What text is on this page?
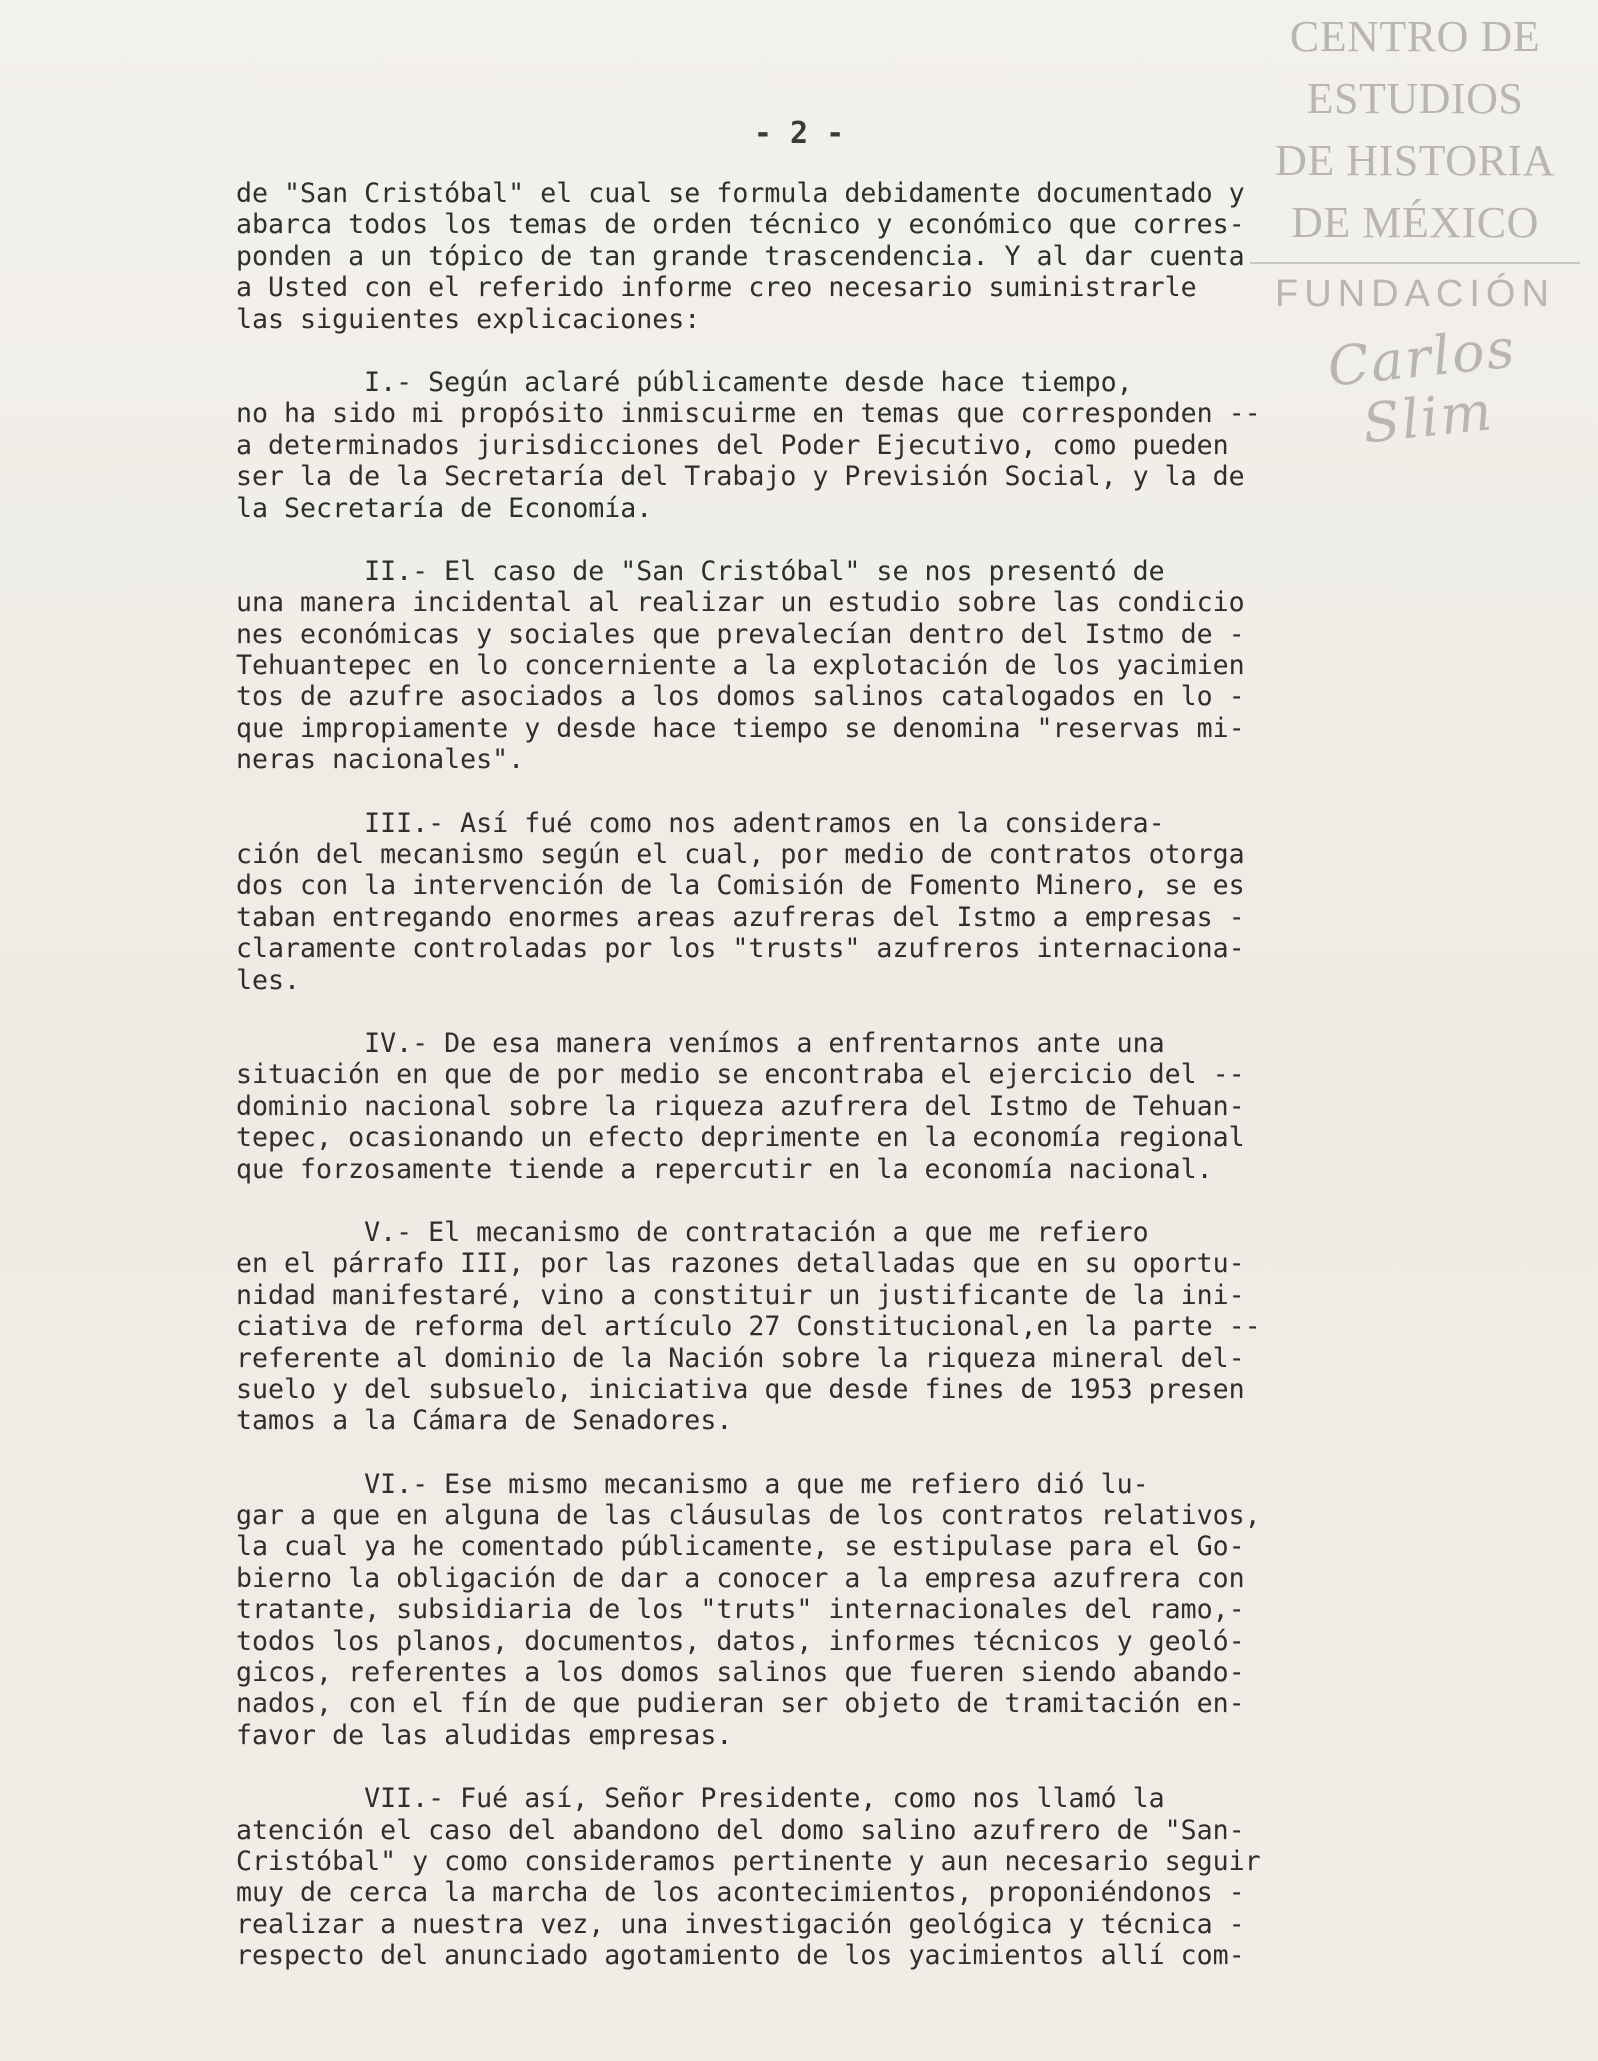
CENTRO DE
ESTUDIOS
DE HISTORIA
DE MÉXICO
FUNDACIÓN
Carlos Slim
- 2 -
de "San Cristóbal" el cual se formula debidamente documentado y
abarca todos los temas de orden técnico y económico que corres-
ponden a un tópico de tan grande trascendencia. Y al dar cuenta
a Usted con el referido informe creo necesario suministrarle
las siguientes explicaciones:
I.- Según aclaré públicamente desde hace tiempo,
no ha sido mi propósito inmiscuirme en temas que corresponden --
a determinados jurisdicciones del Poder Ejecutivo, como pueden
ser la de la Secretaría del Trabajo y Previsión Social, y la de
la Secretaría de Economía.
II.- El caso de "San Cristóbal" se nos presentó de
una manera incidental al realizar un estudio sobre las condicio
nes económicas y sociales que prevalecían dentro del Istmo de -
Tehuantepec en lo concerniente a la explotación de los yacimien
tos de azufre asociados a los domos salinos catalogados en lo -
que impropiamente y desde hace tiempo se denomina "reservas mi-
neras nacionales".
III.- Así fué como nos adentramos en la considera-
ción del mecanismo según el cual, por medio de contratos otorga
dos con la intervención de la Comisión de Fomento Minero, se es
taban entregando enormes areas azufreras del Istmo a empresas -
claramente controladas por los "trusts" azufreros internaciona-
les.
IV.- De esa manera venímos a enfrentarnos ante una
situación en que de por medio se encontraba el ejercicio del --
dominio nacional sobre la riqueza azufrera del Istmo de Tehuan-
tepec, ocasionando un efecto deprimente en la economía regional
que forzosamente tiende a repercutir en la economía nacional.
V.- El mecanismo de contratación a que me refiero
en el párrafo III, por las razones detalladas que en su oportu-
nidad manifestaré, vino a constituir un justificante de la ini-
ciativa de reforma del artículo 27 Constitucional,en la parte --
referente al dominio de la Nación sobre la riqueza mineral del-
suelo y del subsuelo, iniciativa que desde fines de 1953 presen
tamos a la Cámara de Senadores.
VI.- Ese mismo mecanismo a que me refiero dió lu-
gar a que en alguna de las cláusulas de los contratos relativos,
la cual ya he comentado públicamente, se estipulase para el Go-
bierno la obligación de dar a conocer a la empresa azufrera con
tratante, subsidiaria de los "truts" internacionales del ramo,-
todos los planos, documentos, datos, informes técnicos y geoló-
gicos, referentes a los domos salinos que fueren siendo abando-
nados, con el fín de que pudieran ser objeto de tramitación en-
favor de las aludidas empresas.
VII.- Fué así, Señor Presidente, como nos llamó la
atención el caso del abandono del domo salino azufrero de "San-
Cristóbal" y como consideramos pertinente y aun necesario seguir
muy de cerca la marcha de los acontecimientos, proponiéndonos -
realizar a nuestra vez, una investigación geológica y técnica -
respecto del anunciado agotamiento de los yacimientos allí com-
